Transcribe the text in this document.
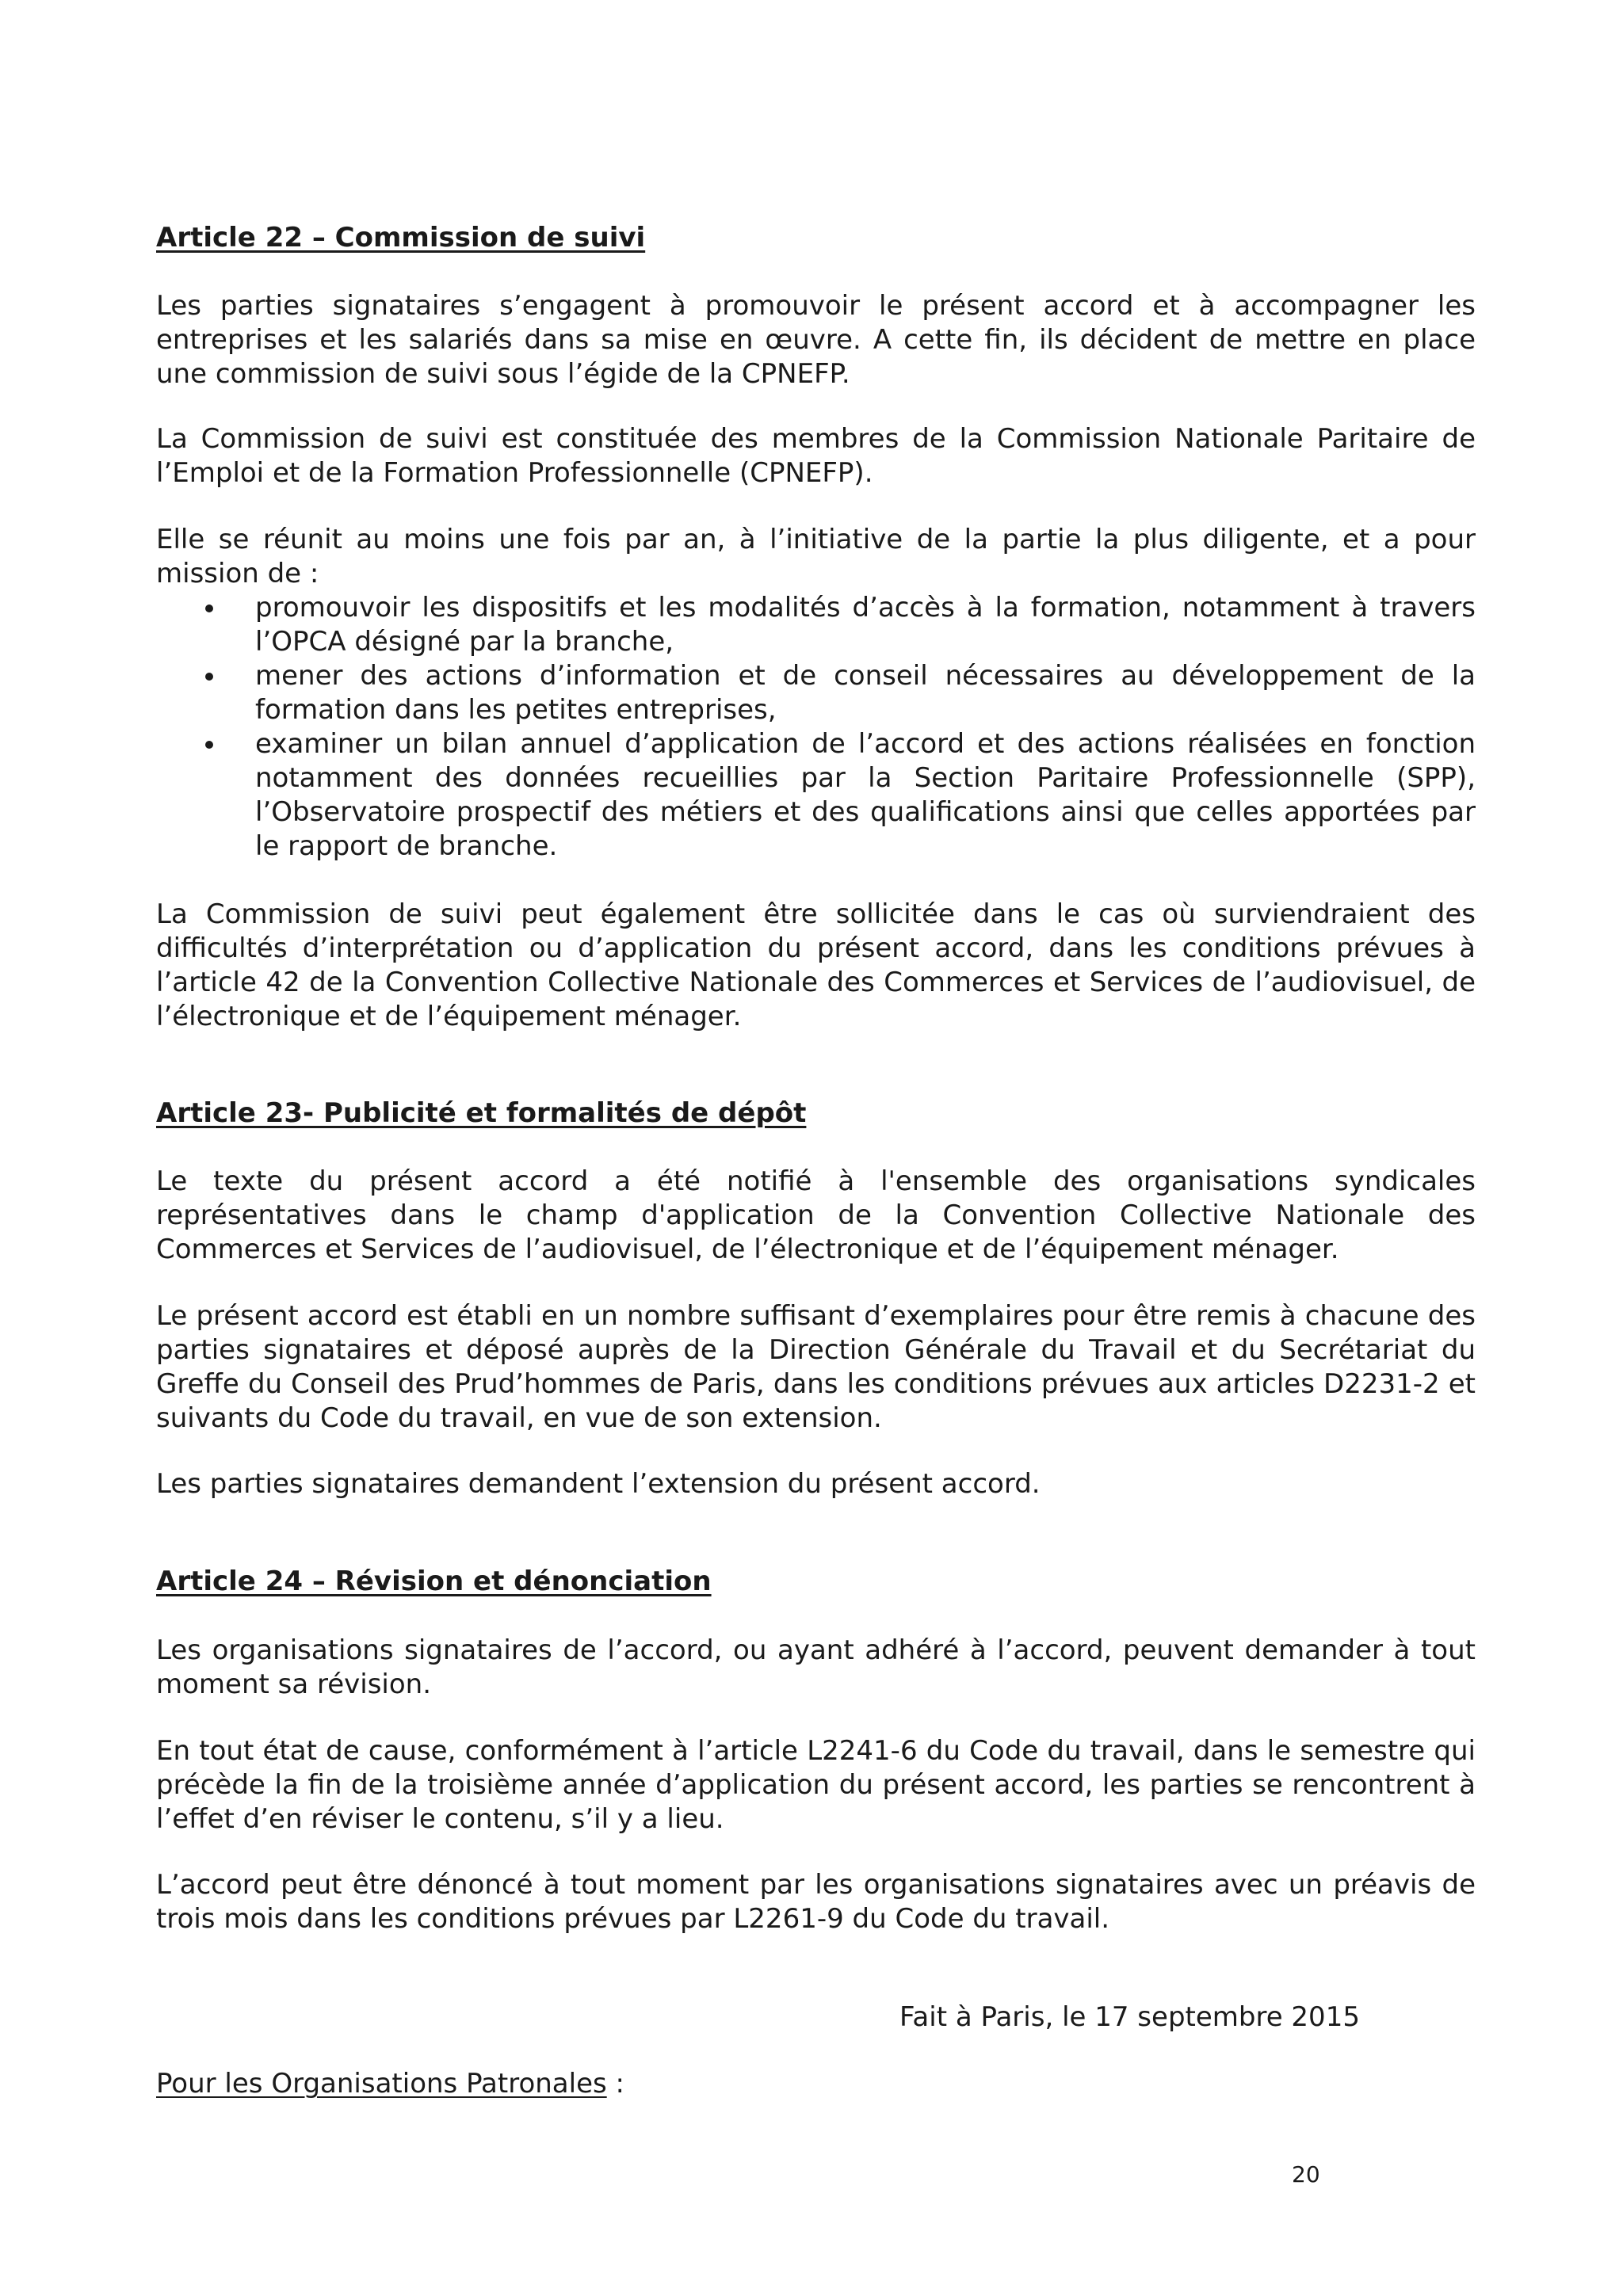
Article 22 – Commission de suivi

Les parties signataires s’engagent à promouvoir le présent accord et à accompagner les entreprises et les salariés dans sa mise en œuvre. A cette fin, ils décident de mettre en place une commission de suivi sous l’égide de la CPNEFP.

La Commission de suivi est constituée des membres de la Commission Nationale Paritaire de l’Emploi et de la Formation Professionnelle (CPNEFP).

Elle se réunit au moins une fois par an, à l’initiative de la partie la plus diligente, et a pour mission de :

promouvoir les dispositifs et les modalités d’accès à la formation, notamment à travers l’OPCA désigné par la branche,
mener des actions d’information et de conseil nécessaires au développement de la formation dans les petites entreprises,
examiner un bilan annuel d’application de l’accord et des actions réalisées en fonction notamment des données recueillies par la Section Paritaire Professionnelle (SPP), l’Observatoire prospectif des métiers et des qualifications ainsi que celles apportées par le rapport de branche.

La Commission de suivi peut également être sollicitée dans le cas où surviendraient des difficultés d’interprétation ou d’application du présent accord, dans les conditions prévues à l’article 42 de la Convention Collective Nationale des Commerces et Services de l’audiovisuel, de l’électronique et de l’équipement ménager.

Article 23- Publicité et formalités de dépôt

Le texte du présent accord a été notifié à l'ensemble des organisations syndicales représentatives dans le champ d'application de la Convention Collective Nationale des Commerces et Services de l’audiovisuel, de l’électronique et de l’équipement ménager.

Le présent accord est établi en un nombre suffisant d’exemplaires pour être remis à chacune des parties signataires et déposé auprès de la Direction Générale du Travail et du Secrétariat du Greffe du Conseil des Prud’hommes de Paris, dans les conditions prévues aux articles D2231-2 et suivants du Code du travail, en vue de son extension.

Les parties signataires demandent l’extension du présent accord.

Article 24 – Révision et dénonciation

Les organisations signataires de l’accord, ou ayant adhéré à l’accord, peuvent demander à tout moment sa révision.

En tout état de cause, conformément à l’article L2241-6 du Code du travail, dans le semestre qui précède la fin de la troisième année d’application du présent accord, les parties se rencontrent à l’effet d’en réviser le contenu, s’il y a lieu.

L’accord peut être dénoncé à tout moment par les organisations signataires avec un préavis de trois mois dans les conditions prévues par L2261-9 du Code du travail.

Fait à Paris, le 17 septembre 2015

Pour les Organisations Patronales :

20
